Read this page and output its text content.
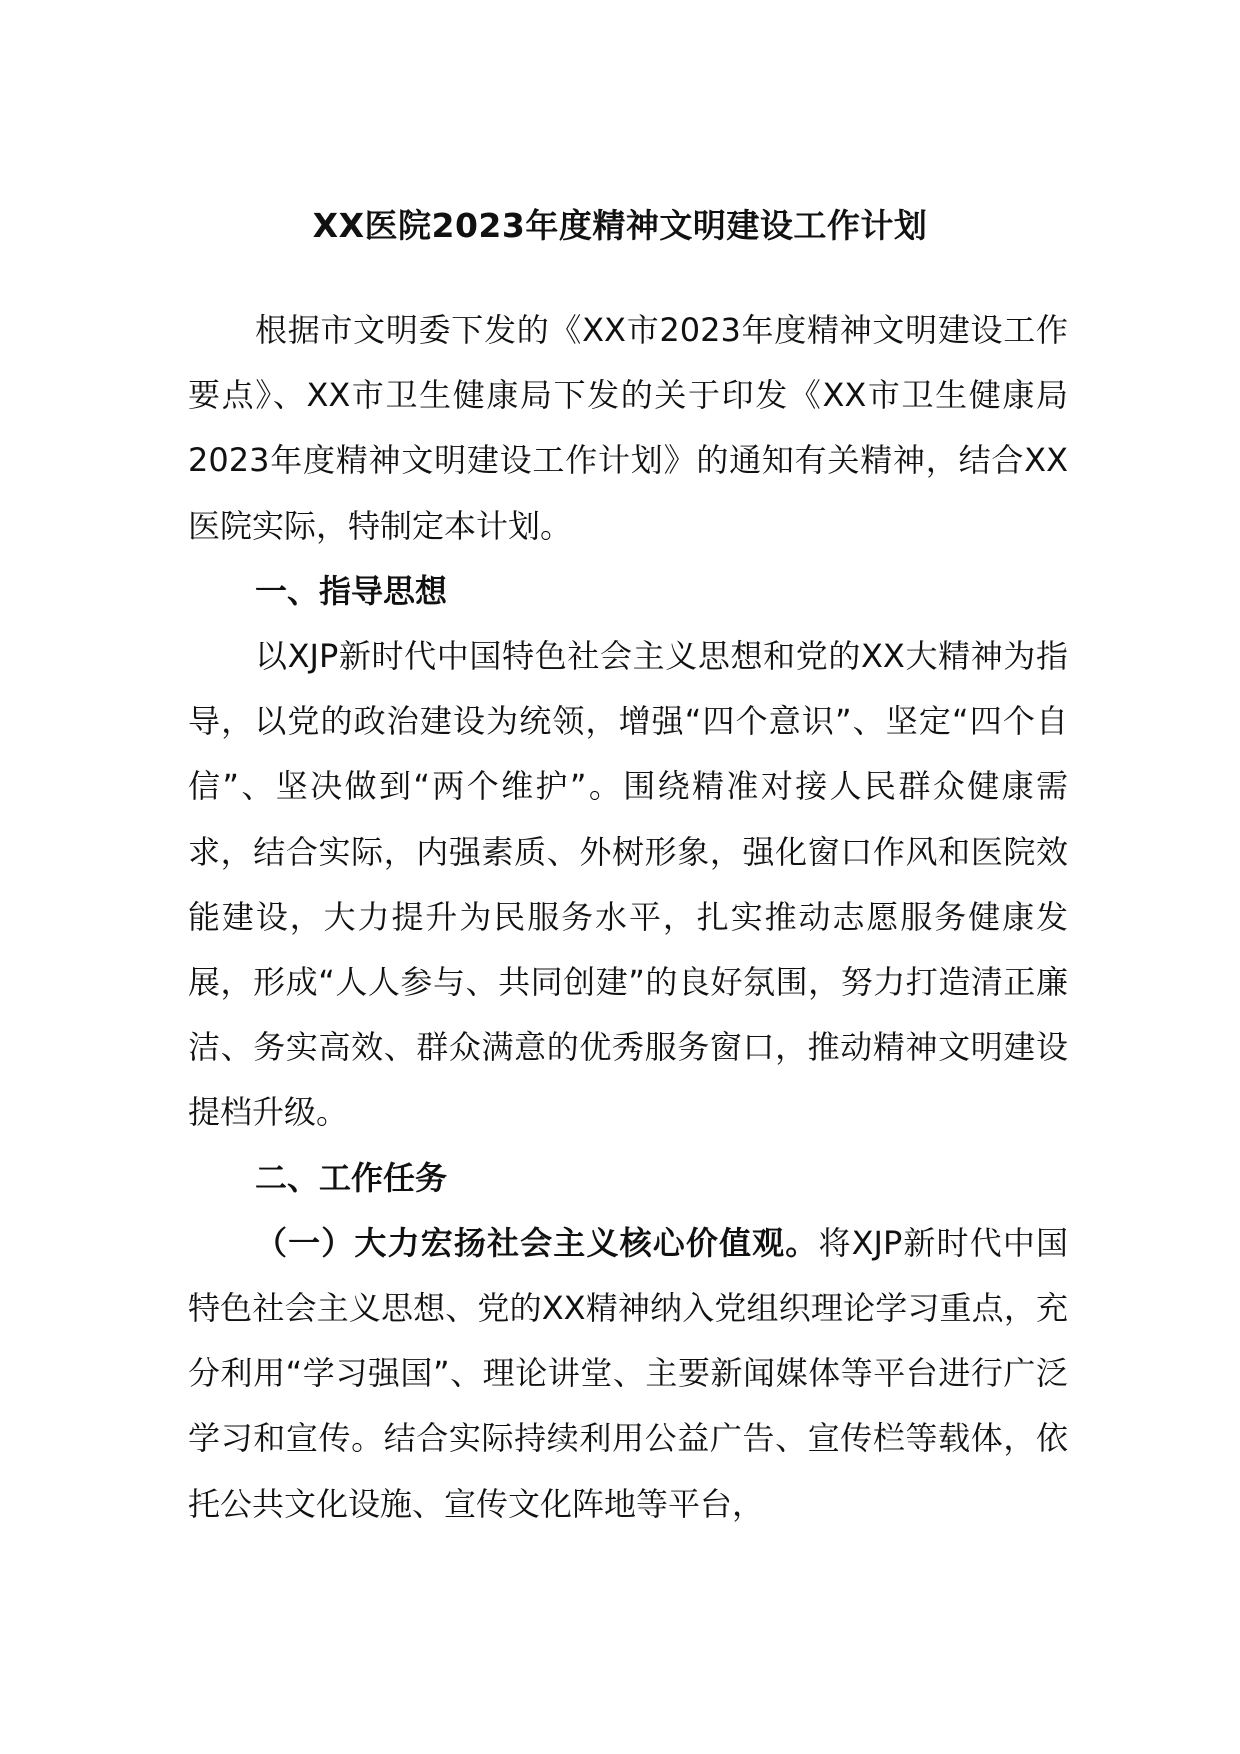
XX医院2023年度精神文明建设工作计划

根据市文明委下发的《XX市2023年度精神文明建设工作要点》、XX市卫生健康局下发的关于印发《XX市卫生健康局2023年度精神文明建设工作计划》的通知有关精神，结合XX医院实际，特制定本计划。

一、指导思想

以XJP新时代中国特色社会主义思想和党的XX大精神为指导，以党的政治建设为统领，增强“四个意识”、坚定“四个自信”、坚决做到“两个维护”。围绕精准对接人民群众健康需求，结合实际，内强素质、外树形象，强化窗口作风和医院效能建设，大力提升为民服务水平，扎实推动志愿服务健康发展，形成“人人参与、共同创建”的良好氛围，努力打造清正廉洁、务实高效、群众满意的优秀服务窗口，推动精神文明建设提档升级。

二、工作任务

（一）大力宏扬社会主义核心价值观。将XJP新时代中国特色社会主义思想、党的XX精神纳入党组织理论学习重点，充分利用“学习强国”、理论讲堂、主要新闻媒体等平台进行广泛学习和宣传。结合实际持续利用公益广告、宣传栏等载体，依托公共文化设施、宣传文化阵地等平台，
